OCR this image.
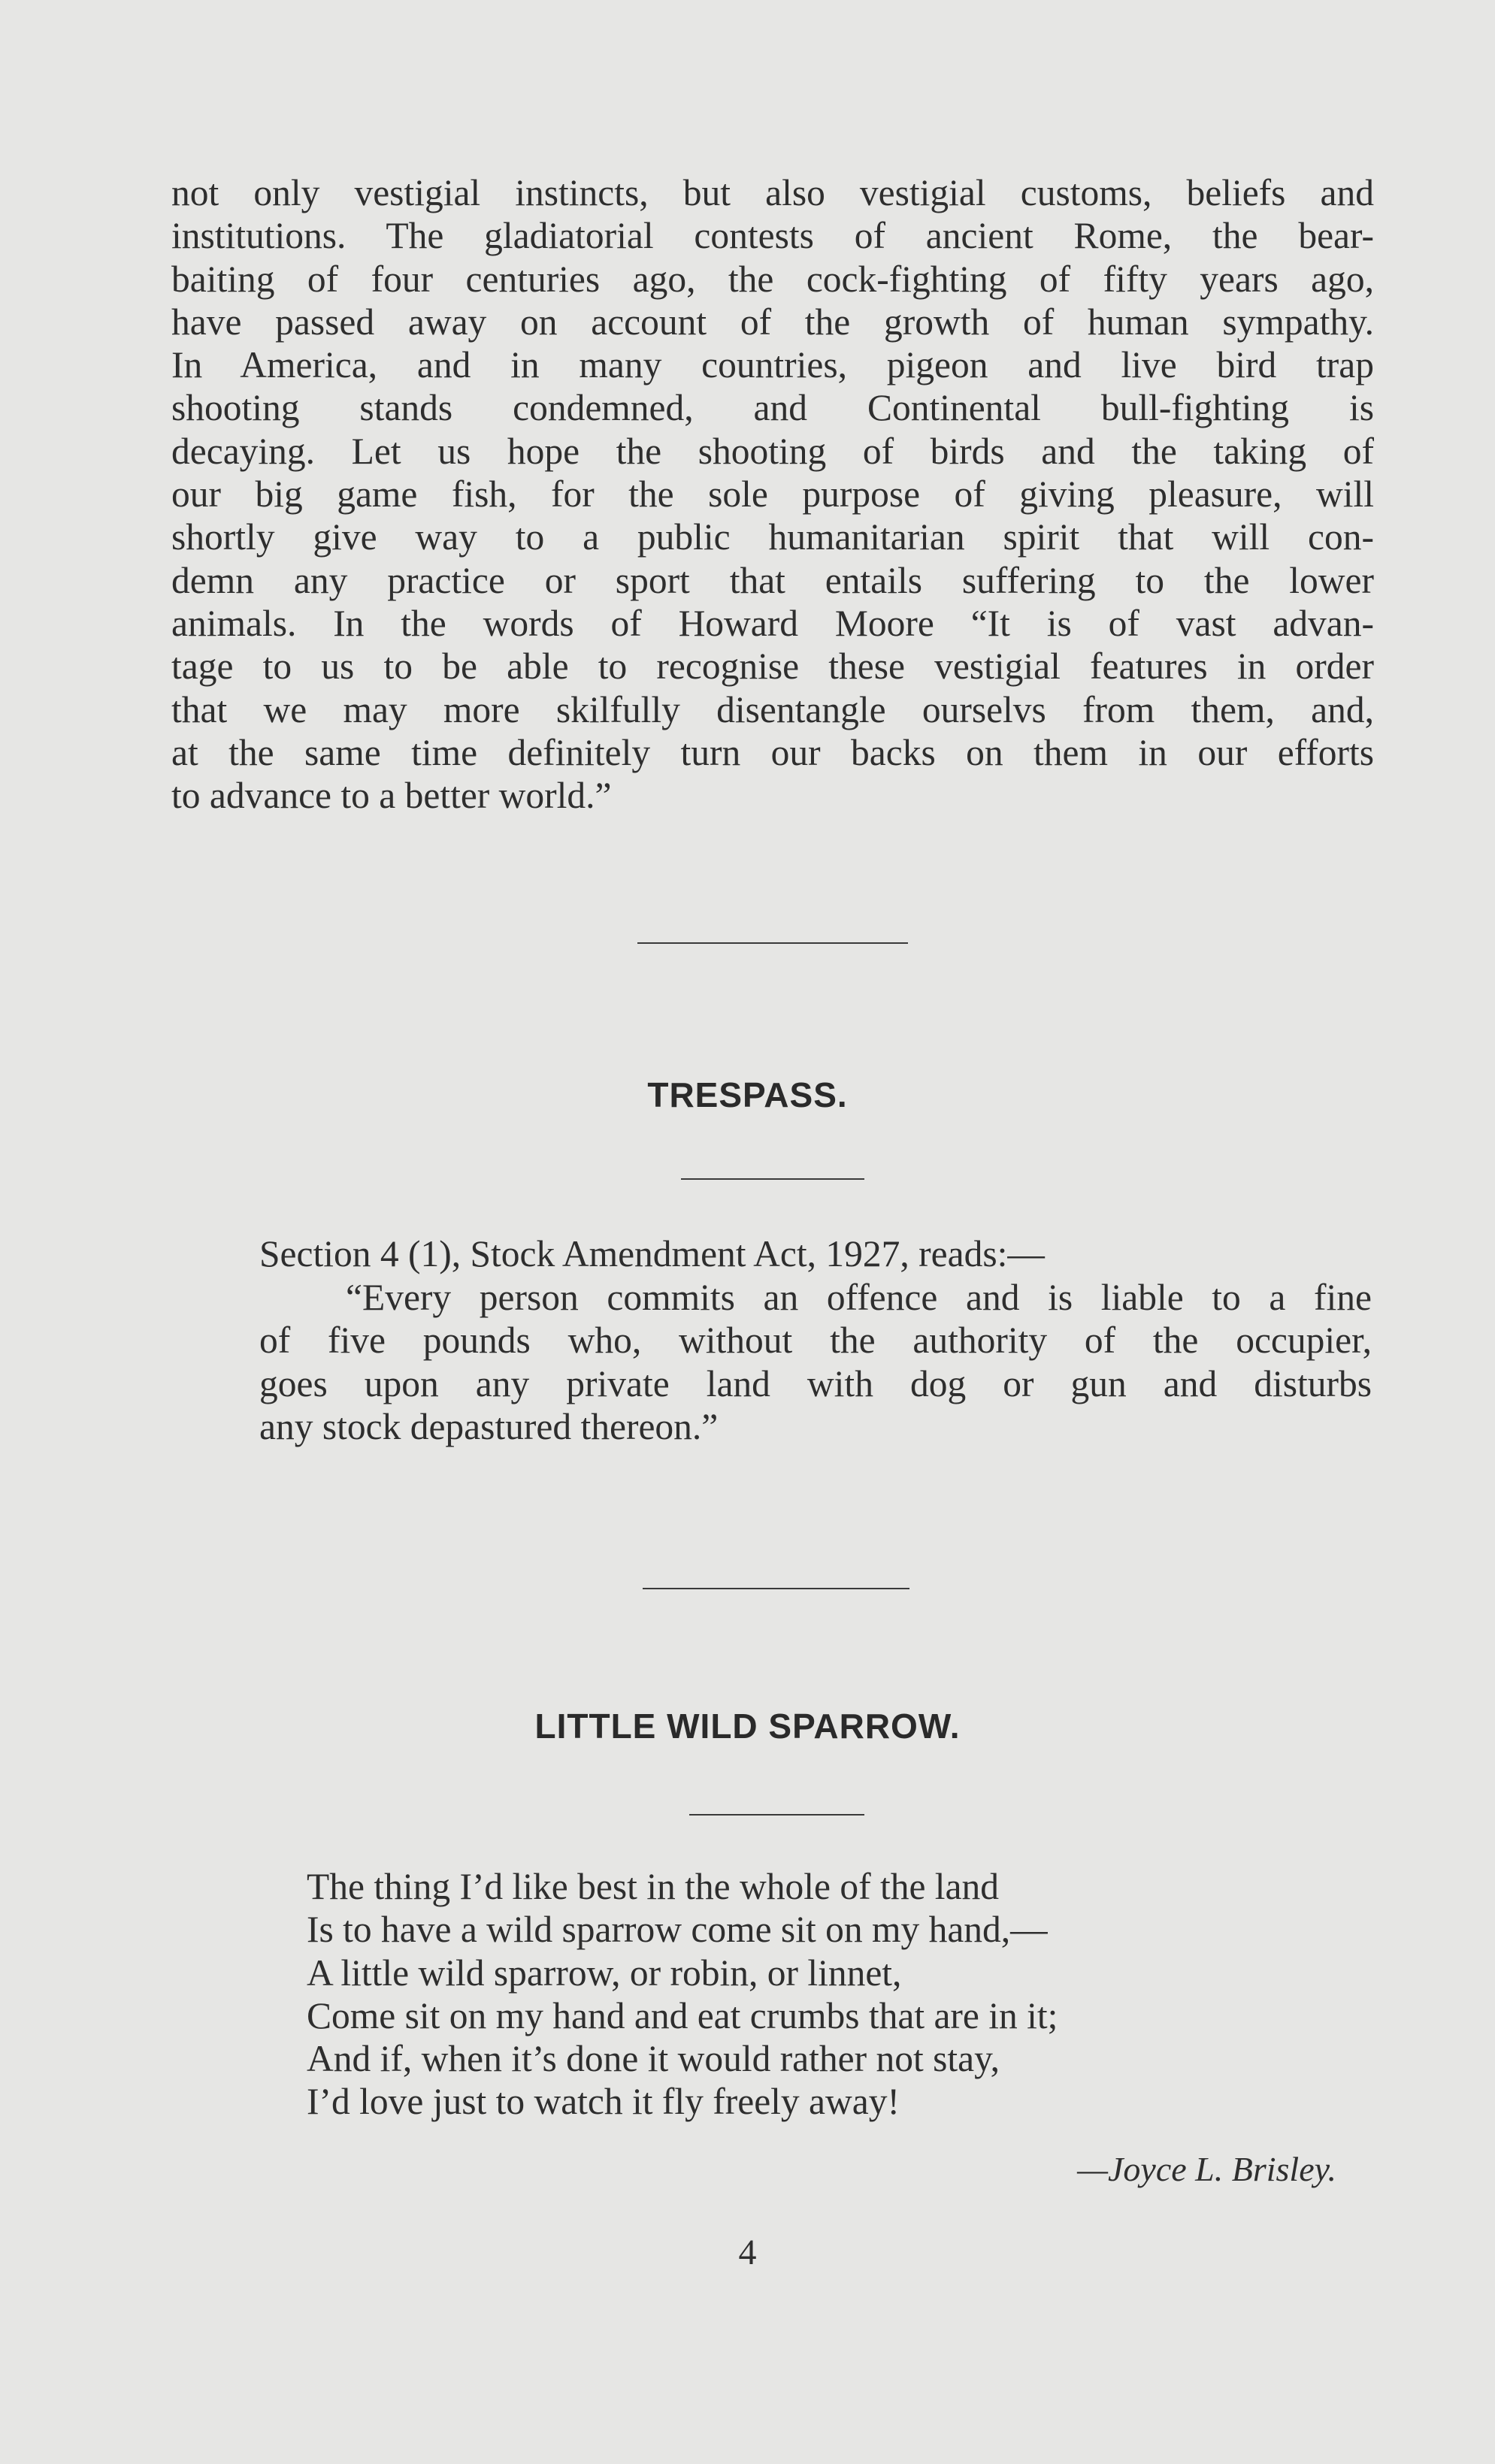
not only vestigial instincts, but also vestigial customs, beliefs and
institutions. The gladiatorial contests of ancient Rome, the bear-
baiting of four centuries ago, the cock-fighting of fifty years ago,
have passed away on account of the growth of human sympathy.
In America, and in many countries, pigeon and live bird trap
shooting stands condemned, and Continental bull-fighting is
decaying. Let us hope the shooting of birds and the taking of
our big game fish, for the sole purpose of giving pleasure, will
shortly give way to a public humanitarian spirit that will con-
demn any practice or sport that entails suffering to the lower
animals. In the words of Howard Moore “It is of vast advan-
tage to us to be able to recognise these vestigial features in order
that we may more skilfully disentangle ourselvs from them, and,
at the same time definitely turn our backs on them in our efforts
to advance to a better world.”
TRESPASS.
Section 4 (1), Stock Amendment Act, 1927, reads:—
“Every person commits an offence and is liable to a fine
of five pounds who, without the authority of the occupier,
goes upon any private land with dog or gun and disturbs
any stock depastured thereon.”
LITTLE WILD SPARROW.
The thing I’d like best in the whole of the land
Is to have a wild sparrow come sit on my hand,—
A little wild sparrow, or robin, or linnet,
Come sit on my hand and eat crumbs that are in it;
And if, when it’s done it would rather not stay,
I’d love just to watch it fly freely away!
—Joyce L. Brisley.
4
